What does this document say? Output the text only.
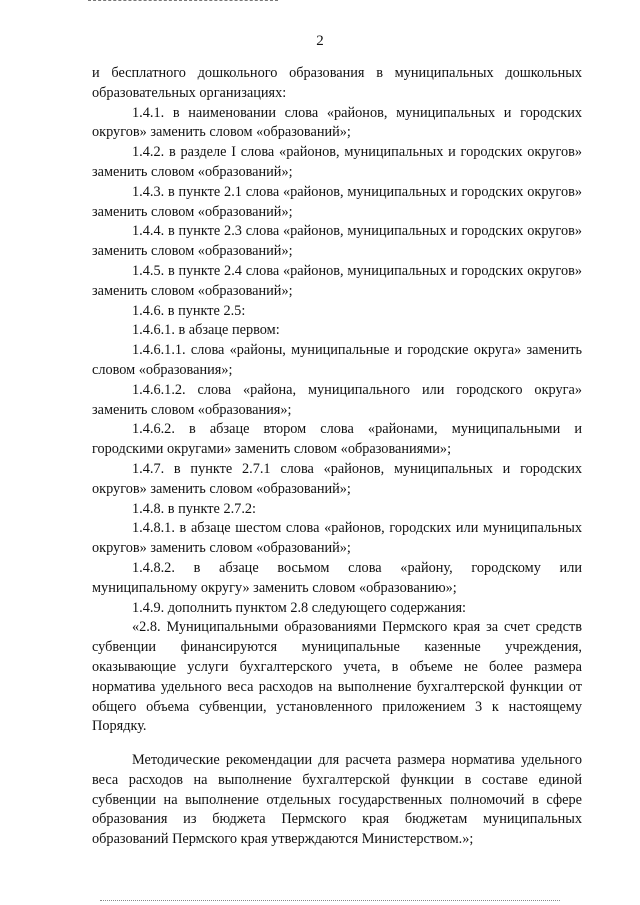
2

и бесплатного дошкольного образования в муниципальных дошкольных образовательных организациях:

1.4.1. в наименовании слова «районов, муниципальных и городских округов» заменить словом «образований»;

1.4.2. в разделе I слова «районов, муниципальных и городских округов» заменить словом «образований»;

1.4.3. в пункте 2.1 слова «районов, муниципальных и городских округов» заменить словом «образований»;

1.4.4. в пункте 2.3 слова «районов, муниципальных и городских округов» заменить словом «образований»;

1.4.5. в пункте 2.4 слова «районов, муниципальных и городских округов» заменить словом «образований»;

1.4.6. в пункте 2.5:

1.4.6.1. в абзаце первом:

1.4.6.1.1. слова «районы, муниципальные и городские округа» заменить словом «образования»;

1.4.6.1.2. слова «района, муниципального или городского округа» заменить словом «образования»;

1.4.6.2. в абзаце втором слова «районами, муниципальными и городскими округами» заменить словом «образованиями»;

1.4.7. в пункте 2.7.1 слова «районов, муниципальных и городских округов» заменить словом «образований»;

1.4.8. в пункте 2.7.2:

1.4.8.1. в абзаце шестом слова «районов, городских или муниципальных округов» заменить словом «образований»;

1.4.8.2. в абзаце восьмом слова «району, городскому или муниципальному округу» заменить словом «образованию»;

1.4.9. дополнить пунктом 2.8 следующего содержания:

«2.8. Муниципальными образованиями Пермского края за счет средств субвенции финансируются муниципальные казенные учреждения, оказывающие услуги бухгалтерского учета, в объеме не более размера норматива удельного веса расходов на выполнение бухгалтерской функции от общего объема субвенции, установленного приложением 3 к настоящему Порядку.

Методические рекомендации для расчета размера норматива удельного веса расходов на выполнение бухгалтерской функции в составе единой субвенции на выполнение отдельных государственных полномочий в сфере образования из бюджета Пермского края бюджетам муниципальных образований Пермского края утверждаются Министерством.»;
